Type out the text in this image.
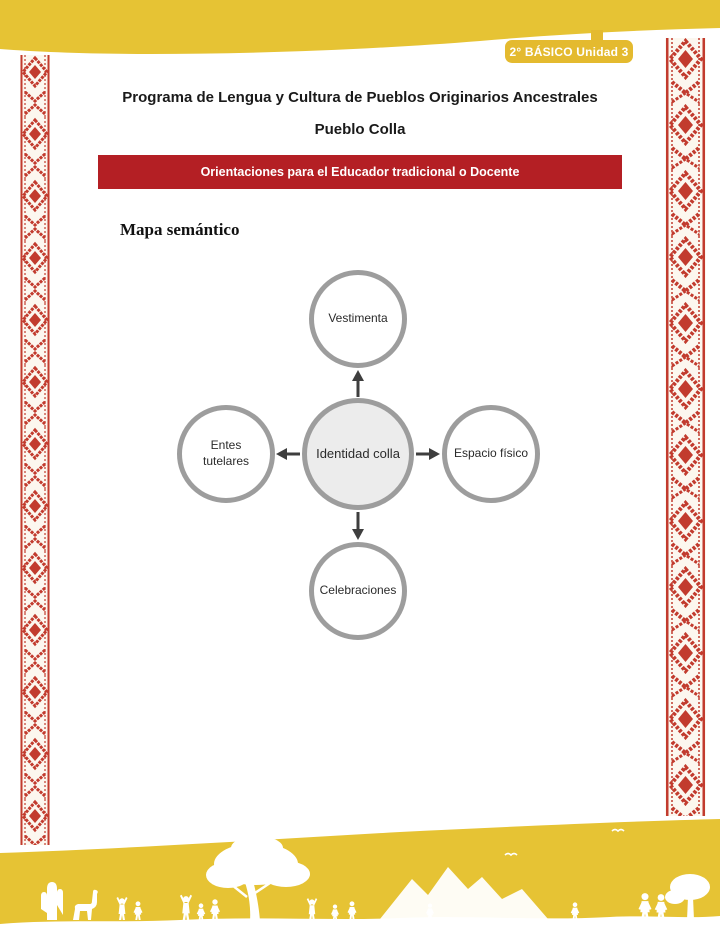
2° BÁSICO Unidad 3
Programa de Lengua y Cultura de Pueblos Originarios Ancestrales
Pueblo Colla
Orientaciones para el Educador tradicional o Docente
Mapa semántico
Vestimenta
Entes tutelares
Identidad colla	Espacio físico
Celebraciones
